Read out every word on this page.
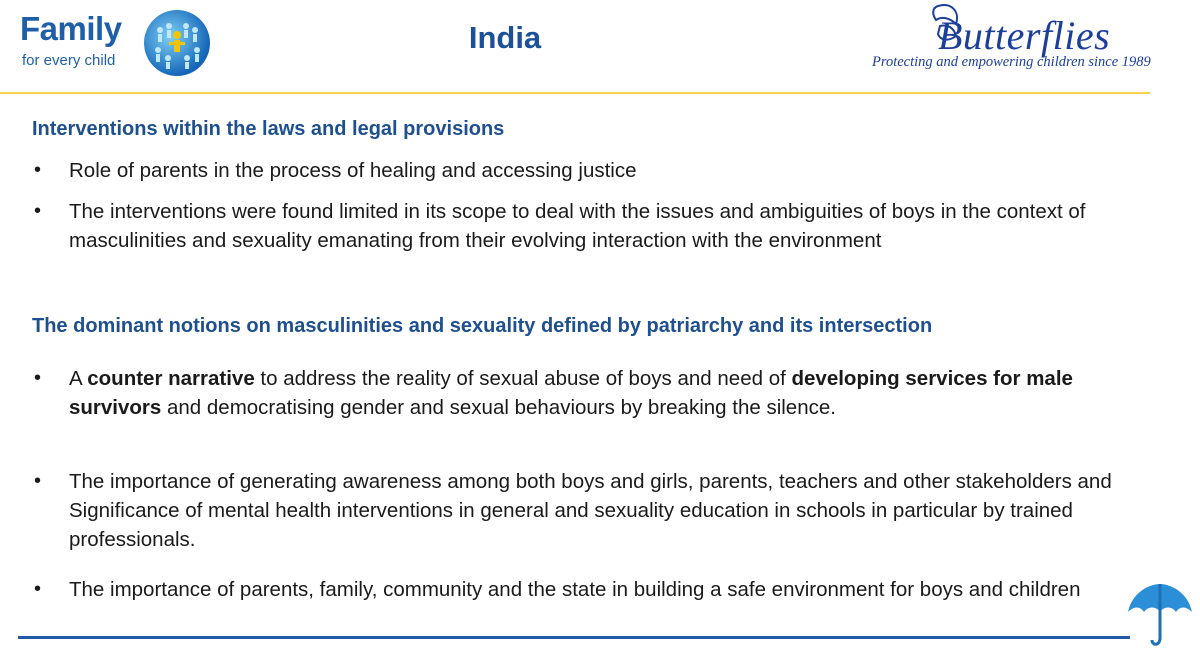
Family
for every child
India	Butterflies
Protecting and empowering children since 1989
Interventions within the laws and legal provisions
•	Role of parents in the process of healing and accessing justice
•	The interventions were found limited in its scope to deal with the issues and ambiguities of boys in the context of masculinities and sexuality emanating from their evolving interaction with the environment
The dominant notions on masculinities and sexuality defined by patriarchy and its intersection
•	A counter narrative to address the reality of sexual abuse of boys and need of developing services for male survivors and democratising gender and sexual behaviours by breaking the silence.
•	The importance of generating awareness among both boys and girls, parents, teachers and other stakeholders and Significance of mental health interventions in general and sexuality education in schools in particular by trained professionals.
•	The importance of parents, family, community and the state in building a safe environment for boys and children
